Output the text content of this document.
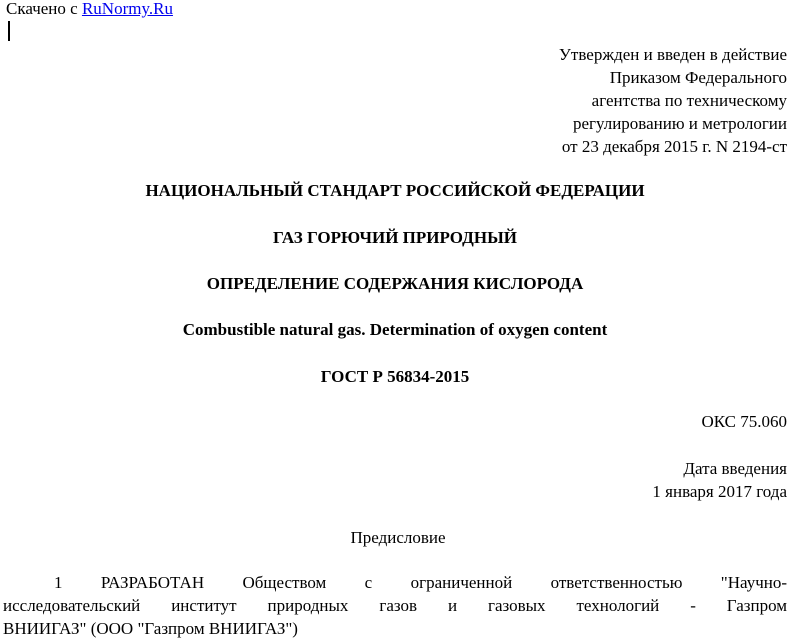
Скачено с RuNormy.Ru
Утвержден и введен в действие
Приказом Федерального
агентства по техническому
регулированию и метрологии
от 23 декабря 2015 г. N 2194-ст
НАЦИОНАЛЬНЫЙ СТАНДАРТ РОССИЙСКОЙ ФЕДЕРАЦИИ
ГАЗ ГОРЮЧИЙ ПРИРОДНЫЙ
ОПРЕДЕЛЕНИЕ СОДЕРЖАНИЯ КИСЛОРОДА
Combustible natural gas. Determination of oxygen content
ГОСТ Р 56834-2015
ОКС 75.060
Дата введения
1 января 2017 года
Предисловие
1 РАЗРАБОТАН Обществом с ограниченной ответственностью "Научно-
исследовательский институт природных газов и газовых технологий - Газпром
ВНИИГАЗ" (ООО "Газпром ВНИИГАЗ")
